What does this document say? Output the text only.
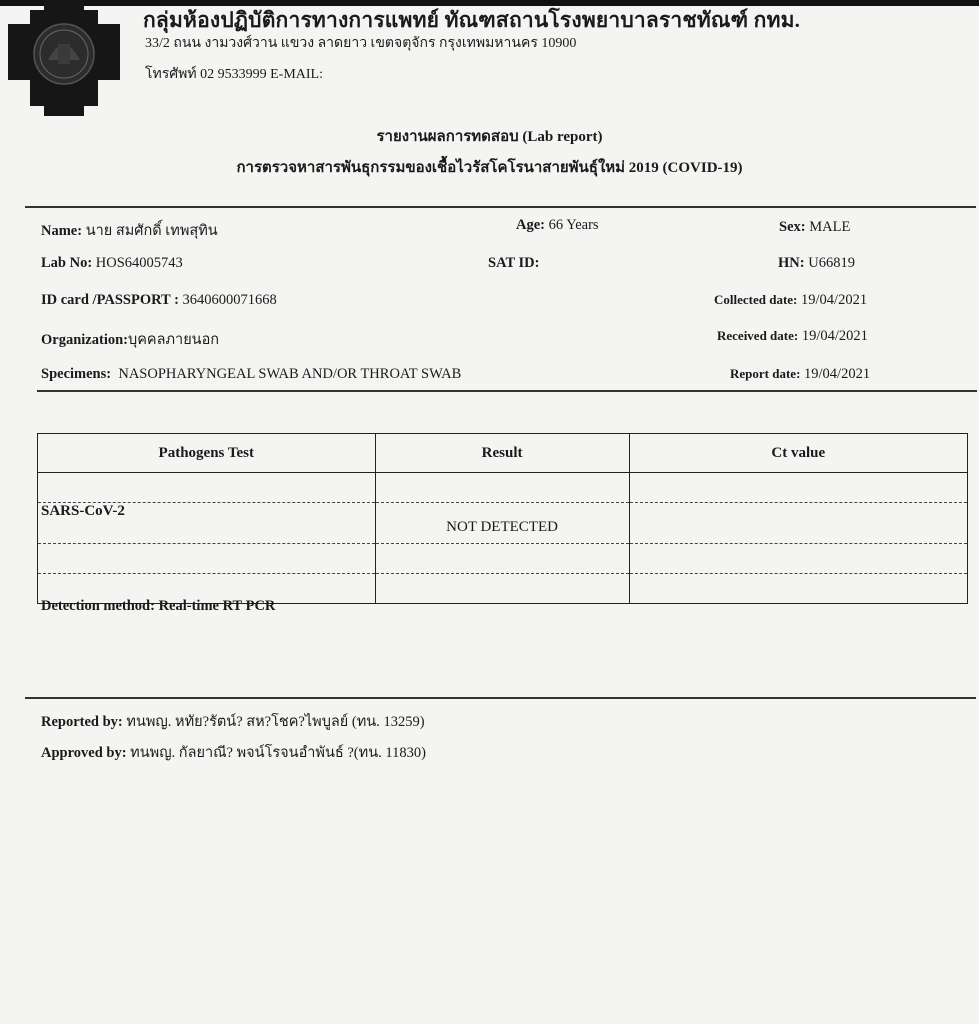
กลุ่มห้องปฏิบัติการทางการแพทย์ ทัณฑสถานโรงพยาบาลราชทัณฑ์ กทม.
33/2 ถนน งามวงศ์วาน แขวง ลาดยาว เขตจตุจักร กรุงเทพมหานคร 10900
โทรศัพท์ 02 9533999 E-MAIL:
รายงานผลการทดสอบ (Lab report)
การตรวจหาสารพันธุกรรมของเชื้อไวรัสโคโรนาสายพันธุ์ใหม่ 2019 (COVID-19)
Name: นาย สมศักดิ์ เทพสุทิน	Age: 66 Years	Sex: MALE
Lab No: HOS64005743	SAT ID:	HN: U66819
ID card /PASSPORT : 3640600071668	Collected date: 19/04/2021
Organization:บุคคลภายนอก	Received date: 19/04/2021
Specimens: NASOPHARYNGEAL SWAB AND/OR THROAT SWAB	Report date: 19/04/2021
Pathogens Test	Result	Ct value

SARS-CoV-2	NOT DETECTED	

Detection method: Real-time RT PCR
Reported by: ทนพญ. หทัย?รัตน์? สห?โชค?ไพบูลย์ (ทน. 13259)
Approved by: ทนพญ. กัลยาณี? พจน์โรจนอำพันธ์ ?(ทน. 11830)
